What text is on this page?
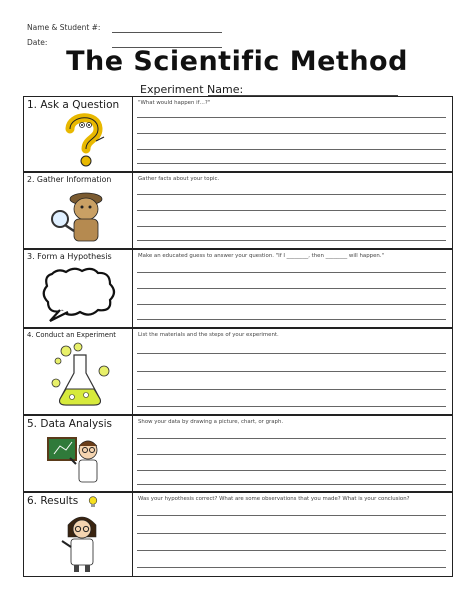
Name & Student #:
Date:
The Scientific Method
Experiment Name:
1. Ask a Question	"What would happen if…?"
2. Gather Information	Gather facts about your topic.
3. Form a Hypothesis	Make an educated guess to answer your question. "If I ________, then ________ will happen."
4. Conduct an Experiment	List the materials and the steps of your experiment.
5. Data Analysis	Show your data by drawing a picture, chart, or graph.
6. Results	Was your hypothesis correct? What are some observations that you made? What is your conclusion?
